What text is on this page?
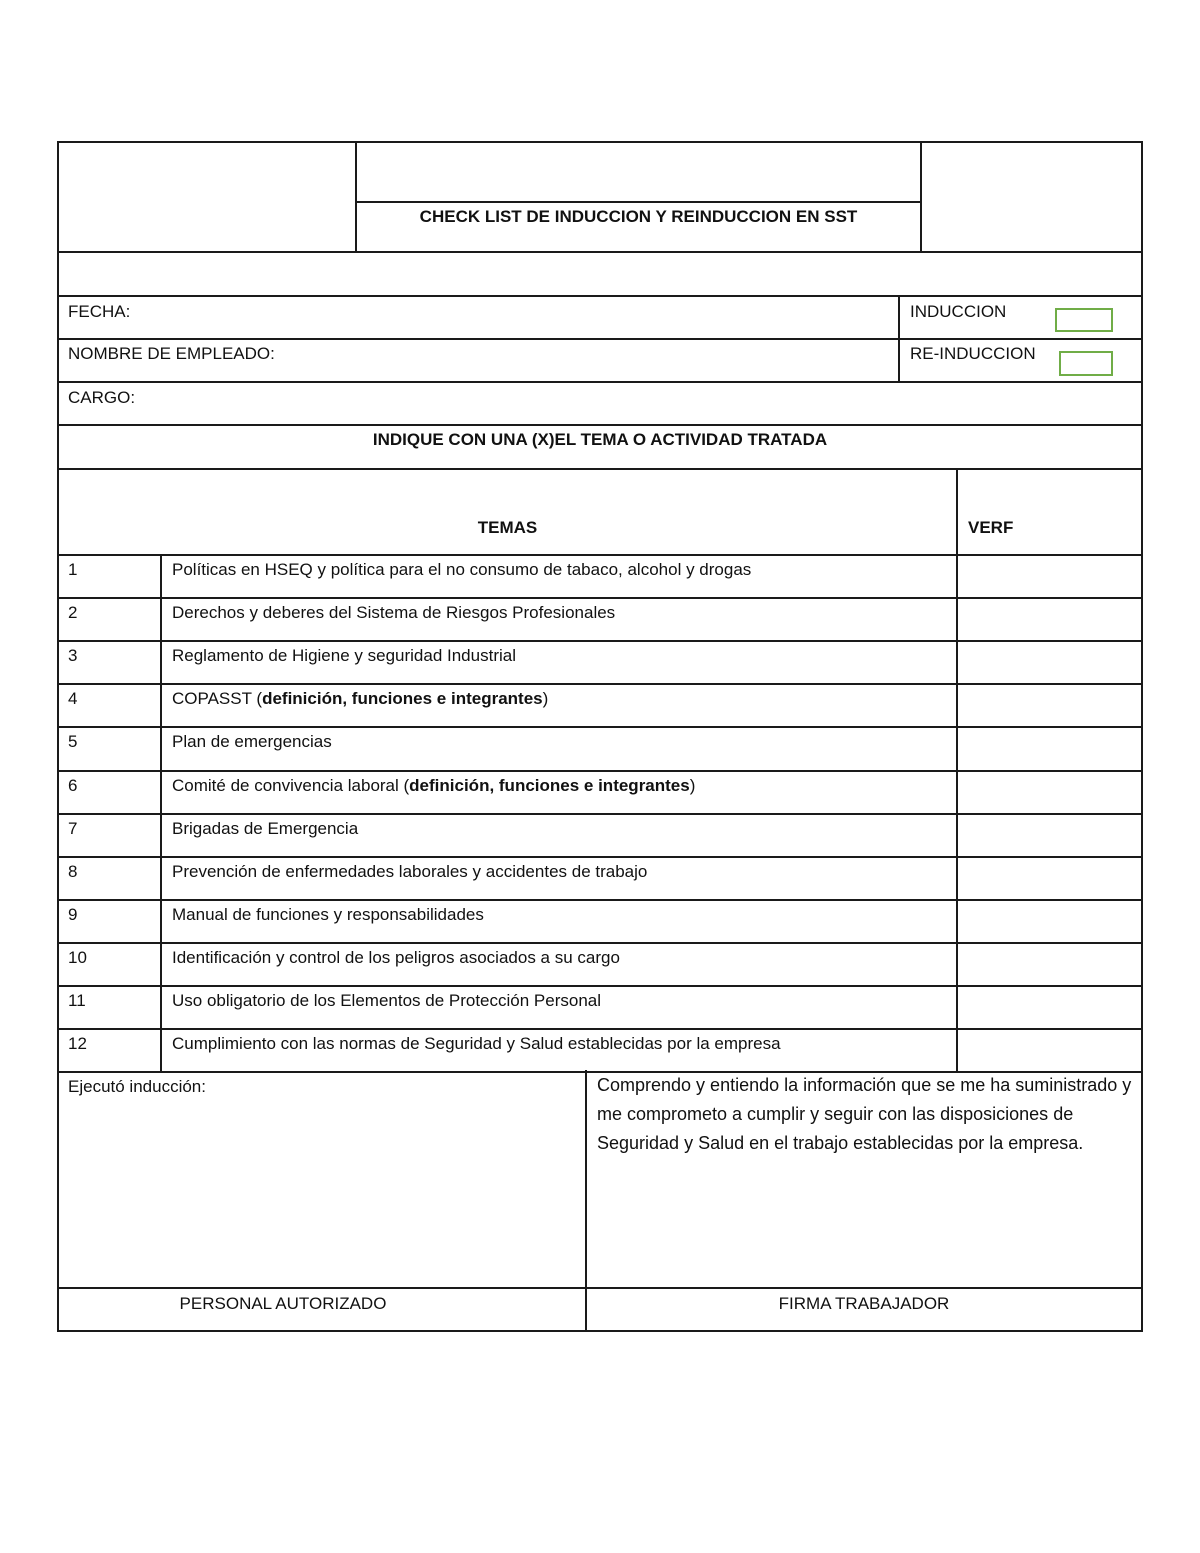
CHECK LIST DE INDUCCION Y REINDUCCION EN SST
FECHA:	INDUCCION
NOMBRE DE EMPLEADO:	RE-INDUCCION
CARGO:
INDIQUE CON UNA (X)EL TEMA O ACTIVIDAD TRATADA
TEMAS	VERF
1	Políticas en HSEQ y política para el no consumo de tabaco, alcohol y drogas
2	Derechos y deberes del Sistema de Riesgos Profesionales
3	Reglamento de Higiene y seguridad Industrial
4	COPASST (definición, funciones e integrantes)
5	Plan de emergencias
6	Comité de convivencia laboral (definición, funciones e integrantes)
7	Brigadas de Emergencia
8	Prevención de enfermedades laborales y accidentes de trabajo
9	Manual de funciones y responsabilidades
10	Identificación y control de los peligros asociados a su cargo
11	Uso obligatorio de los Elementos de Protección Personal
12	Cumplimiento con las normas de Seguridad y Salud establecidas por la empresa
Ejecutó inducción:	Comprendo y entiendo la información que se me ha suministrado y me comprometo a cumplir y seguir con las disposiciones de Seguridad y Salud en el trabajo establecidas por la empresa.
PERSONAL AUTORIZADO	FIRMA TRABAJADOR
